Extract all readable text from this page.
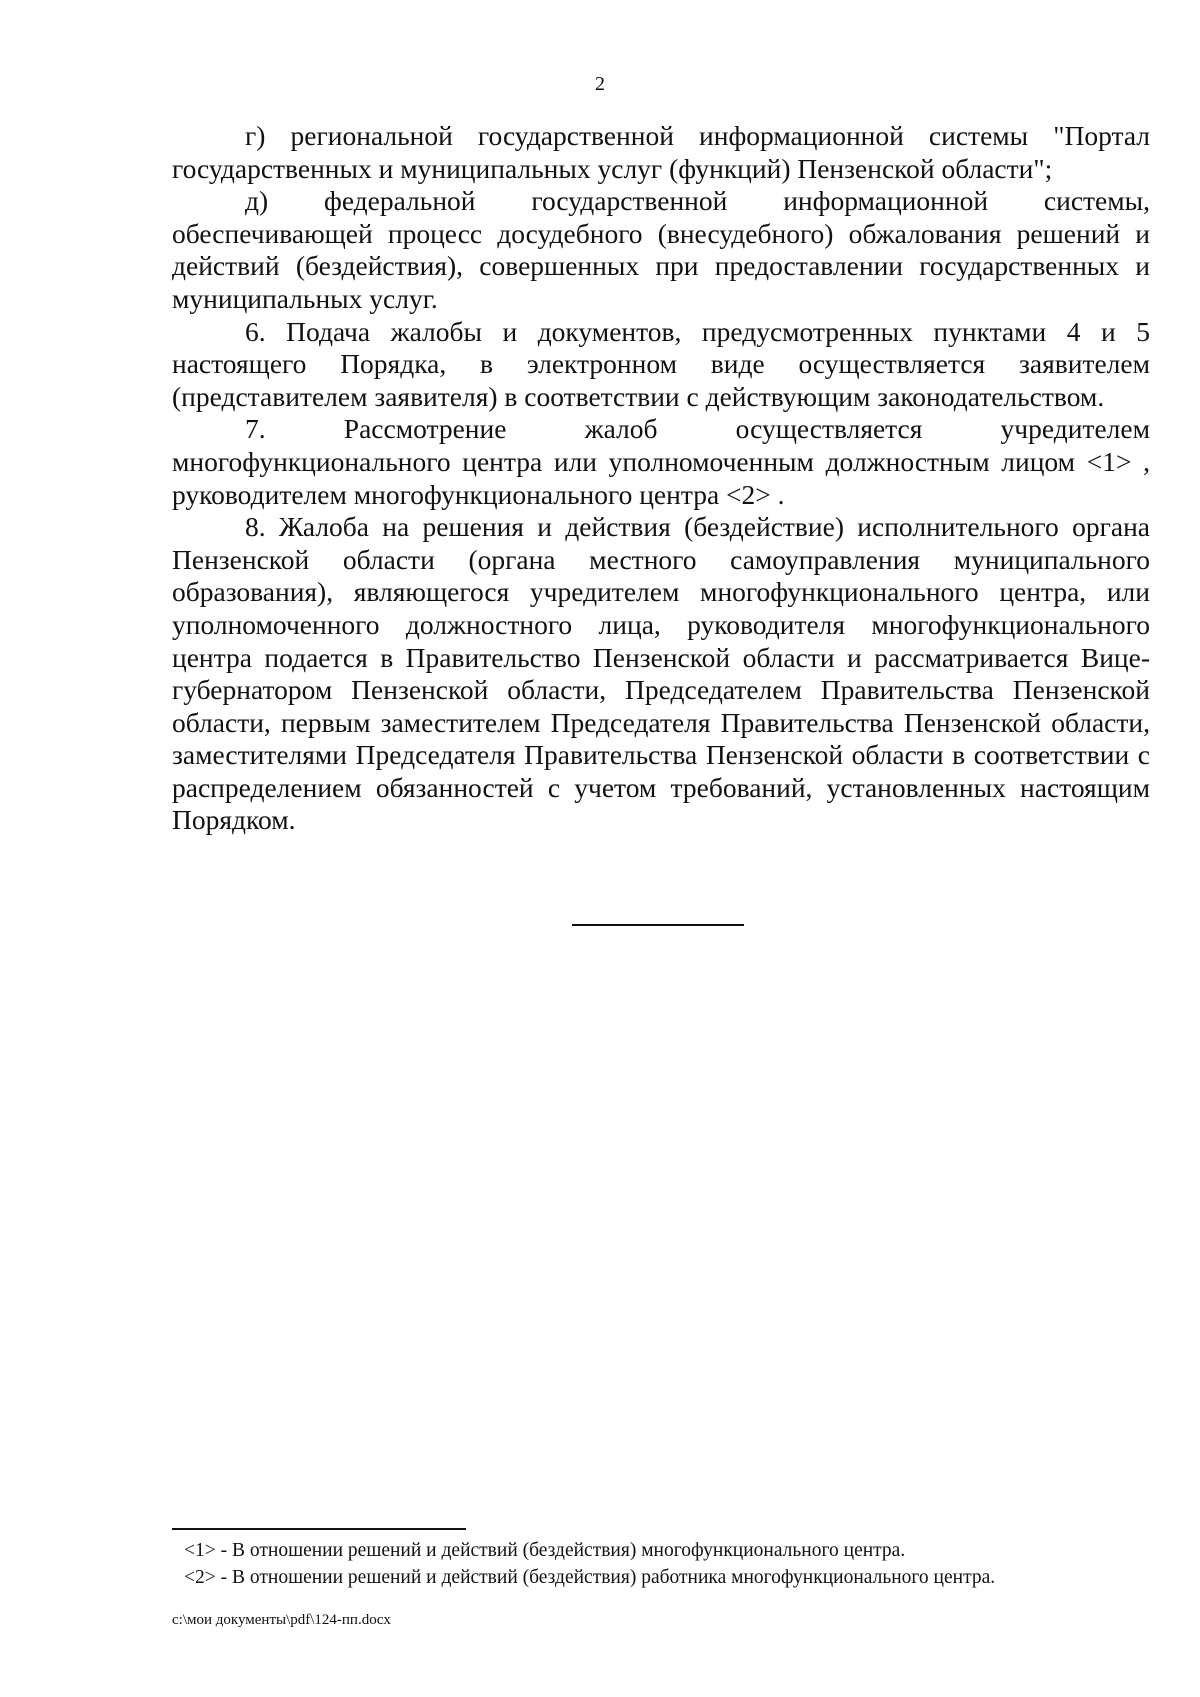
2

г) региональной государственной информационной системы "Портал государственных и муниципальных услуг (функций) Пензенской области";

д) федеральной государственной информационной системы, обеспечивающей процесс досудебного (внесудебного) обжалования решений и действий (бездействия), совершенных при предоставлении государственных и муниципальных услуг.

6. Подача жалобы и документов, предусмотренных пунктами 4 и 5 настоящего Порядка, в электронном виде осуществляется заявителем (представителем заявителя) в соответствии с действующим законодательством.

7. Рассмотрение жалоб осуществляется учредителем многофункционального центра или уполномоченным должностным лицом <1> , руководителем многофункционального центра <2> .

8. Жалоба на решения и действия (бездействие) исполнительного органа Пензенской области (органа местного самоуправления муниципального образования), являющегося учредителем многофункционального центра, или уполномоченного должностного лица, руководителя многофункционального центра подается в Правительство Пензенской области и рассматривается Вице-губернатором Пензенской области, Председателем Правительства Пензенской области, первым заместителем Председателя Правительства Пензенской области, заместителями Председателя Правительства Пензенской области в соответствии с распределением обязанностей с учетом требований, установленных настоящим Порядком.

<1> - В отношении решений и действий (бездействия) многофункционального центра.
<2> - В отношении решений и действий (бездействия) работника многофункционального центра.
c:\мои документы\pdf\124-пп.docx
